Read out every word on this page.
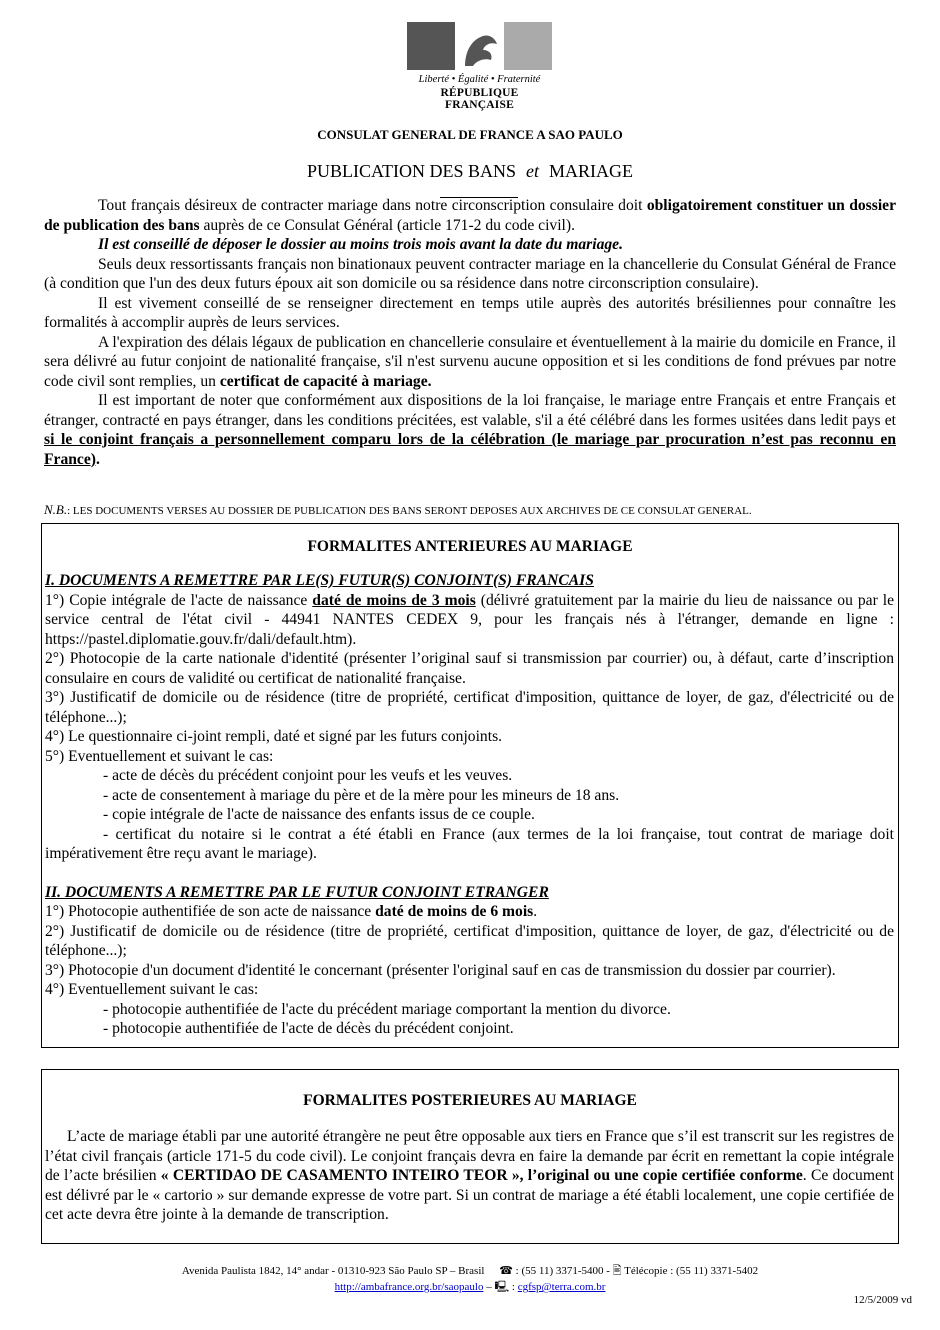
Liberté • Égalité • Fraternité
RÉPUBLIQUE FRANÇAISE
CONSULAT GENERAL DE FRANCE A SAO PAULO
PUBLICATION DES BANS et MARIAGE

Tout français désireux de contracter mariage dans notre circonscription consulaire doit obligatoirement constituer un dossier de publication des bans auprès de ce Consulat Général (article 171-2 du code civil).

Il est conseillé de déposer le dossier au moins trois mois avant la date du mariage.

Seuls deux ressortissants français non binationaux peuvent contracter mariage en la chancellerie du Consulat Général de France (à condition que l'un des deux futurs époux ait son domicile ou sa résidence dans notre circonscription consulaire).

Il est vivement conseillé de se renseigner directement en temps utile auprès des autorités brésiliennes pour connaître les formalités à accomplir auprès de leurs services.

A l'expiration des délais légaux de publication en chancellerie consulaire et éventuellement à la mairie du domicile en France, il sera délivré au futur conjoint de nationalité française, s'il n'est survenu aucune opposition et si les conditions de fond prévues par notre code civil sont remplies, un certificat de capacité à mariage.

Il est important de noter que conformément aux dispositions de la loi française, le mariage entre Français et entre Français et étranger, contracté en pays étranger, dans les conditions précitées, est valable, s'il a été célébré dans les formes usitées dans ledit pays et si le conjoint français a personnellement comparu lors de la célébration (le mariage par procuration n’est pas reconnu en France).

N.B.: LES DOCUMENTS VERSES AU DOSSIER DE PUBLICATION DES BANS SERONT DEPOSES AUX ARCHIVES DE CE CONSULAT GENERAL.
FORMALITES ANTERIEURES AU MARIAGE
I. DOCUMENTS A REMETTRE PAR LE(S) FUTUR(S) CONJOINT(S) FRANCAIS
1°) Copie intégrale de l'acte de naissance daté de moins de 3 mois (délivré gratuitement par la mairie du lieu de naissance ou par le service central de l'état civil - 44941 NANTES CEDEX 9, pour les français nés à l'étranger, demande en ligne : https://pastel.diplomatie.gouv.fr/dali/default.htm).
2°) Photocopie de la carte nationale d'identité (présenter l’original sauf si transmission par courrier) ou, à défaut, carte d’inscription consulaire en cours de validité ou certificat de nationalité française.
3°) Justificatif de domicile ou de résidence (titre de propriété, certificat d'imposition, quittance de loyer, de gaz, d'électricité ou de téléphone...);
4°) Le questionnaire ci-joint rempli, daté et signé par les futurs conjoints.
5°) Eventuellement et suivant le cas:
- acte de décès du précédent conjoint pour les veufs et les veuves.
- acte de consentement à mariage du père et de la mère pour les mineurs de 18 ans.
- copie intégrale de l'acte de naissance des enfants issus de ce couple.
- certificat du notaire si le contrat a été établi en France (aux termes de la loi française, tout contrat de mariage doit impérativement être reçu avant le mariage).
II. DOCUMENTS A REMETTRE PAR LE FUTUR CONJOINT ETRANGER
1°) Photocopie authentifiée de son acte de naissance daté de moins de 6 mois.
2°) Justificatif de domicile ou de résidence (titre de propriété, certificat d'imposition, quittance de loyer, de gaz, d'électricité ou de téléphone...);
3°) Photocopie d'un document d'identité le concernant (présenter l'original sauf en cas de transmission du dossier par courrier).
4°) Eventuellement suivant le cas:
- photocopie authentifiée de l'acte du précédent mariage comportant la mention du divorce.
- photocopie authentifiée de l'acte de décès du précédent conjoint.
FORMALITES POSTERIEURES AU MARIAGE
L’acte de mariage établi par une autorité étrangère ne peut être opposable aux tiers en France que s’il est transcrit sur les registres de l’état civil français (article 171-5 du code civil). Le conjoint français devra en faire la demande par écrit en remettant la copie intégrale de l’acte brésilien « CERTIDAO DE CASAMENTO INTEIRO TEOR », l’original ou une copie certifiée conforme. Ce document est délivré par le « cartorio » sur demande expresse de votre part. Si un contrat de mariage a été établi localement, une copie certifiée de cet acte devra être jointe à la demande de transcription.
Avenida Paulista 1842, 14° andar - 01310-923 São Paulo SP – Brasil ☎ : (55 11) 3371-5400 - 🖹 Télécopie : (55 11) 3371-5402
http://ambafrance.org.br/saopaulo – 🖳 : cgfsp@terra.com.br
12/5/2009 vd
